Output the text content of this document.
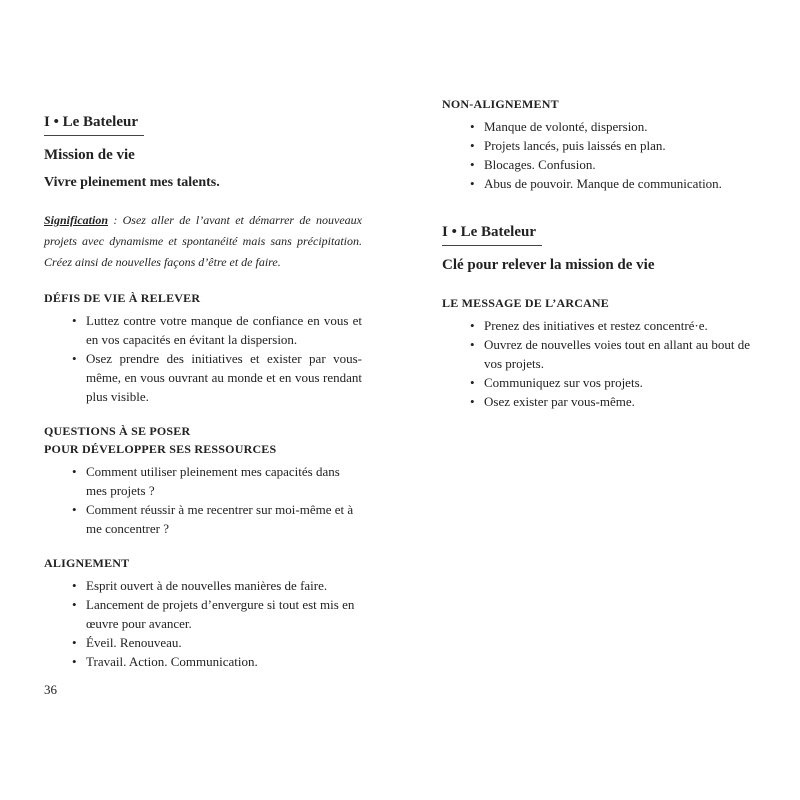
I • Le Bateleur
Mission de vie
Vivre pleinement mes talents.
Signification : Osez aller de l’avant et démarrer de nouveaux projets avec dynamisme et spontanéité mais sans précipitation. Créez ainsi de nouvelles façons d’être et de faire.
DÉFIS DE VIE À RELEVER
• Luttez contre votre manque de confiance en vous et en vos capacités en évitant la dispersion.
• Osez prendre des initiatives et exister par vous-même, en vous ouvrant au monde et en vous rendant plus visible.
QUESTIONS À SE POSER
POUR DÉVELOPPER SES RESSOURCES
• Comment utiliser pleinement mes capacités dans mes projets ?
• Comment réussir à me recentrer sur moi-même et à me concentrer ?
ALIGNEMENT
• Esprit ouvert à de nouvelles manières de faire.
• Lancement de projets d’envergure si tout est mis en œuvre pour avancer.
• Éveil. Renouveau.
• Travail. Action. Communication.
36
NON-ALIGNEMENT
• Manque de volonté, dispersion.
• Projets lancés, puis laissés en plan.
• Blocages. Confusion.
• Abus de pouvoir. Manque de communication.
I • Le Bateleur
Clé pour relever la mission de vie
LE MESSAGE DE L’ARCANE
• Prenez des initiatives et restez concentré·e.
• Ouvrez de nouvelles voies tout en allant au bout de vos projets.
• Communiquez sur vos projets.
• Osez exister par vous-même.
